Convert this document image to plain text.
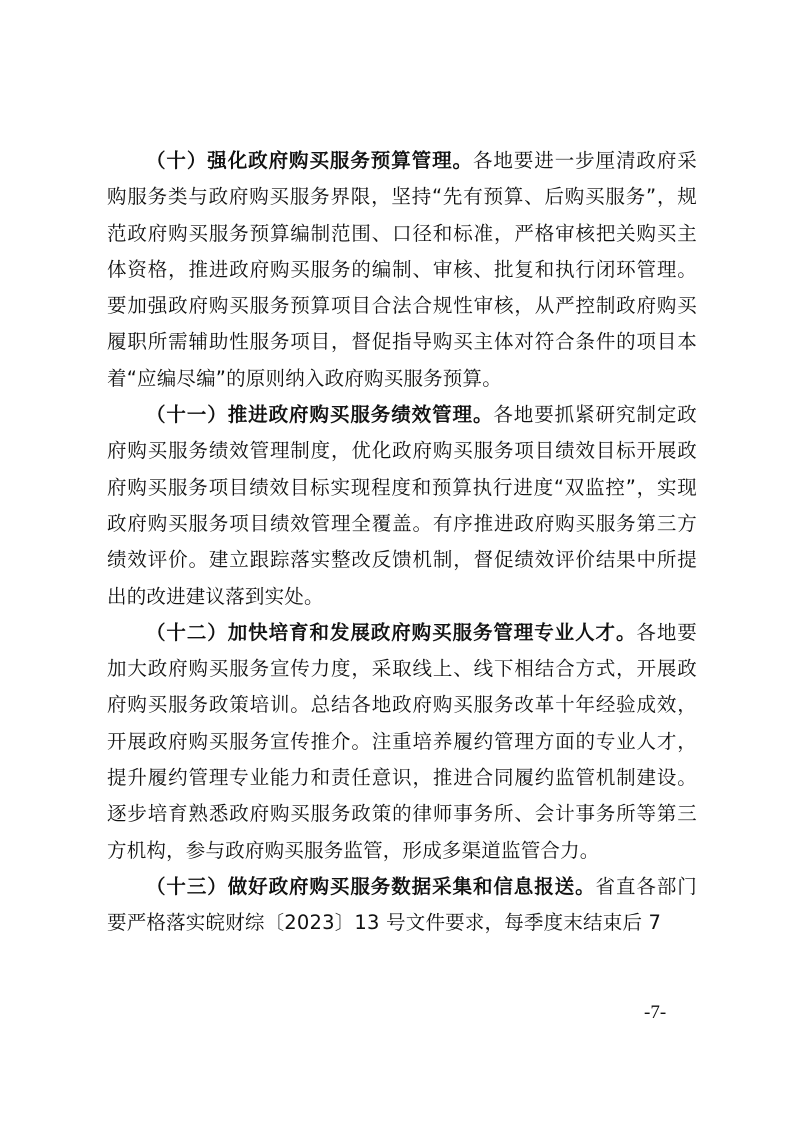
（十）强化政府购买服务预算管理。各地要进一步厘清政府采购服务类与政府购买服务界限，坚持“先有预算、后购买服务”，规范政府购买服务预算编制范围、口径和标准，严格审核把关购买主体资格，推进政府购买服务的编制、审核、批复和执行闭环管理。要加强政府购买服务预算项目合法合规性审核，从严控制政府购买履职所需辅助性服务项目，督促指导购买主体对符合条件的项目本着“应编尽编”的原则纳入政府购买服务预算。

（十一）推进政府购买服务绩效管理。各地要抓紧研究制定政府购买服务绩效管理制度，优化政府购买服务项目绩效目标开展政府购买服务项目绩效目标实现程度和预算执行进度“双监控”，实现政府购买服务项目绩效管理全覆盖。有序推进政府购买服务第三方绩效评价。建立跟踪落实整改反馈机制，督促绩效评价结果中所提出的改进建议落到实处。

（十二）加快培育和发展政府购买服务管理专业人才。各地要加大政府购买服务宣传力度，采取线上、线下相结合方式，开展政府购买服务政策培训。总结各地政府购买服务改革十年经验成效，开展政府购买服务宣传推介。注重培养履约管理方面的专业人才，提升履约管理专业能力和责任意识，推进合同履约监管机制建设。逐步培育熟悉政府购买服务政策的律师事务所、会计事务所等第三方机构，参与政府购买服务监管，形成多渠道监管合力。

（十三）做好政府购买服务数据采集和信息报送。省直各部门要严格落实皖财综〔2023〕13 号文件要求，每季度末结束后 7

-7-
